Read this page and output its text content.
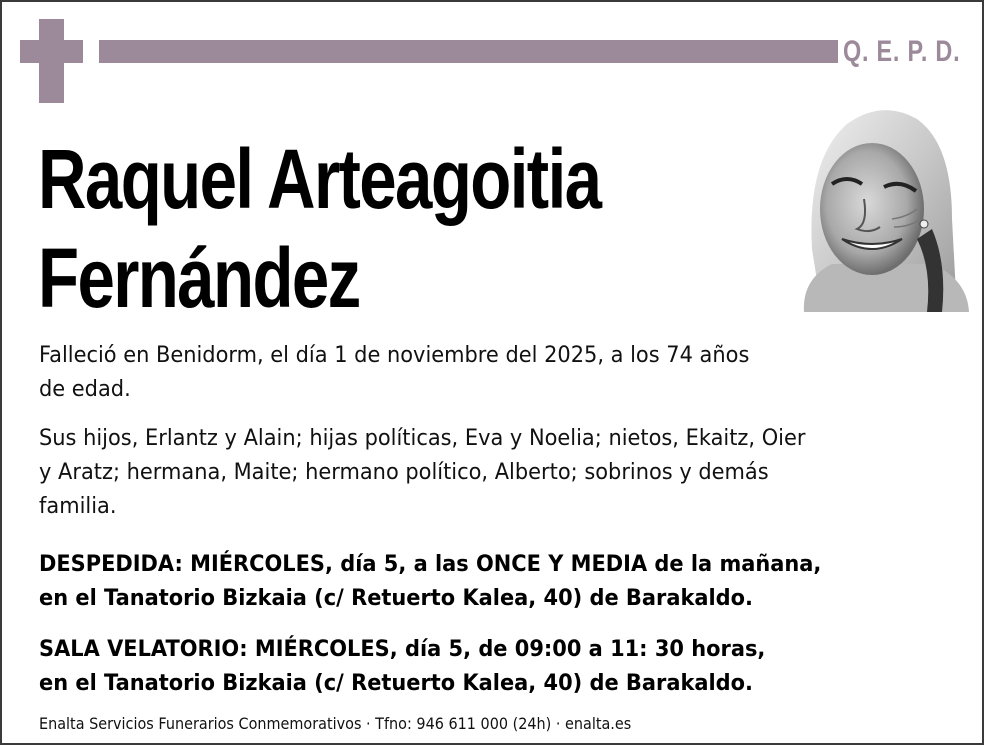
Q. E. P. D.
Raquel Arteagoitia
Fernández
Falleció en Benidorm, el día 1 de noviembre del 2025, a los 74 años
de edad.
Sus hijos, Erlantz y Alain; hijas políticas, Eva y Noelia; nietos, Ekaitz, Oier
y Aratz; hermana, Maite; hermano político, Alberto; sobrinos y demás
familia.
DESPEDIDA: MIÉRCOLES, día 5, a las ONCE Y MEDIA de la mañana,
en el Tanatorio Bizkaia (c/ Retuerto Kalea, 40) de Barakaldo.
SALA VELATORIO: MIÉRCOLES, día 5, de 09:00 a 11: 30 horas,
en el Tanatorio Bizkaia (c/ Retuerto Kalea, 40) de Barakaldo.
Enalta Servicios Funerarios Conmemorativos · Tfno: 946 611 000 (24h) · enalta.es
